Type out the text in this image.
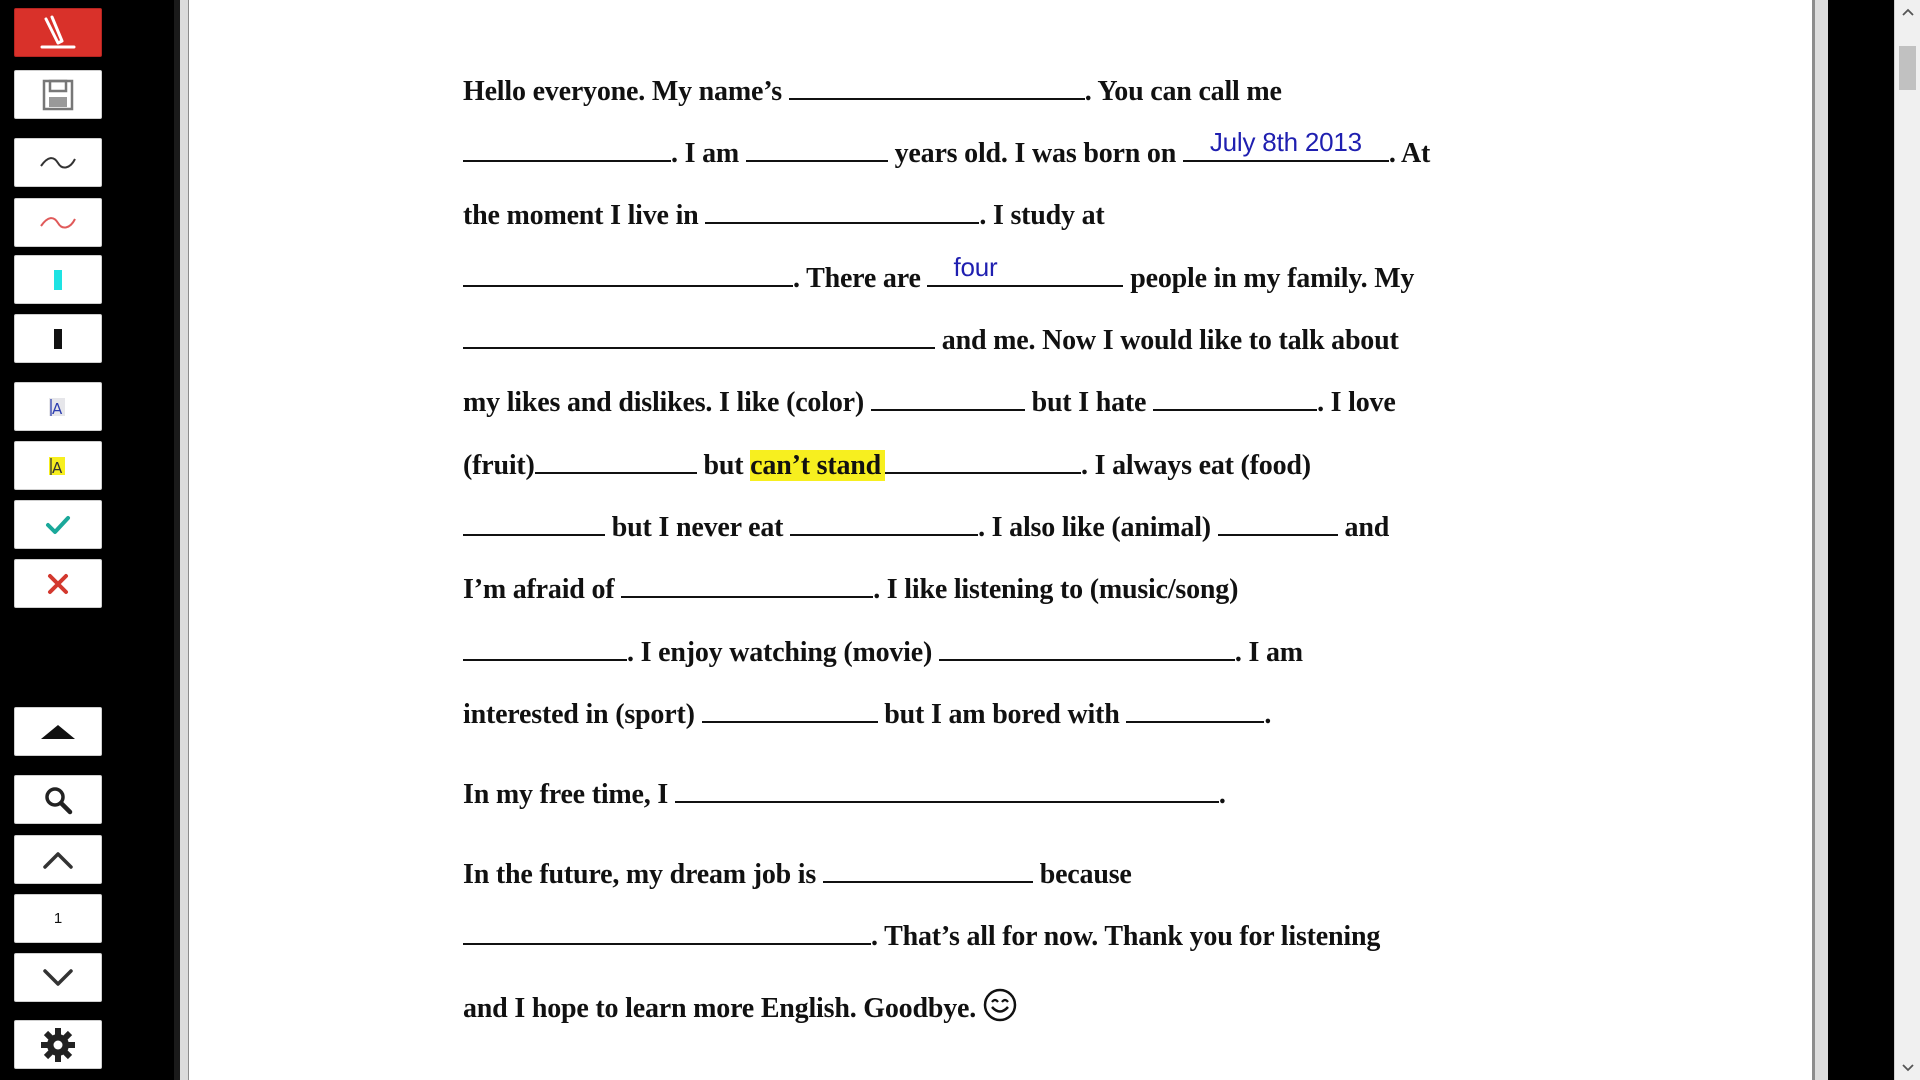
A
A
1
Hello everyone. My name’s	. You can call me
. I am	years old. I was born on	July 8th 2013 . At
the moment I live in	. I study at
. There are	four	people in my family. My
and me. Now I would like to talk about
my likes and dislikes. I like (color)	but I hate	. I love
(fruit)	but can’t stand	. I always eat (food)
but I never eat	. I also like (animal)	and
I’m afraid of	. I like listening to (music/song)
. I enjoy watching (movie)	. I am
interested in (sport)	but I am bored with	.
In my free time, I	.
In the future, my dream job is	because
. That’s all for now. Thank you for listening
and I hope to learn more English. Goodbye.
